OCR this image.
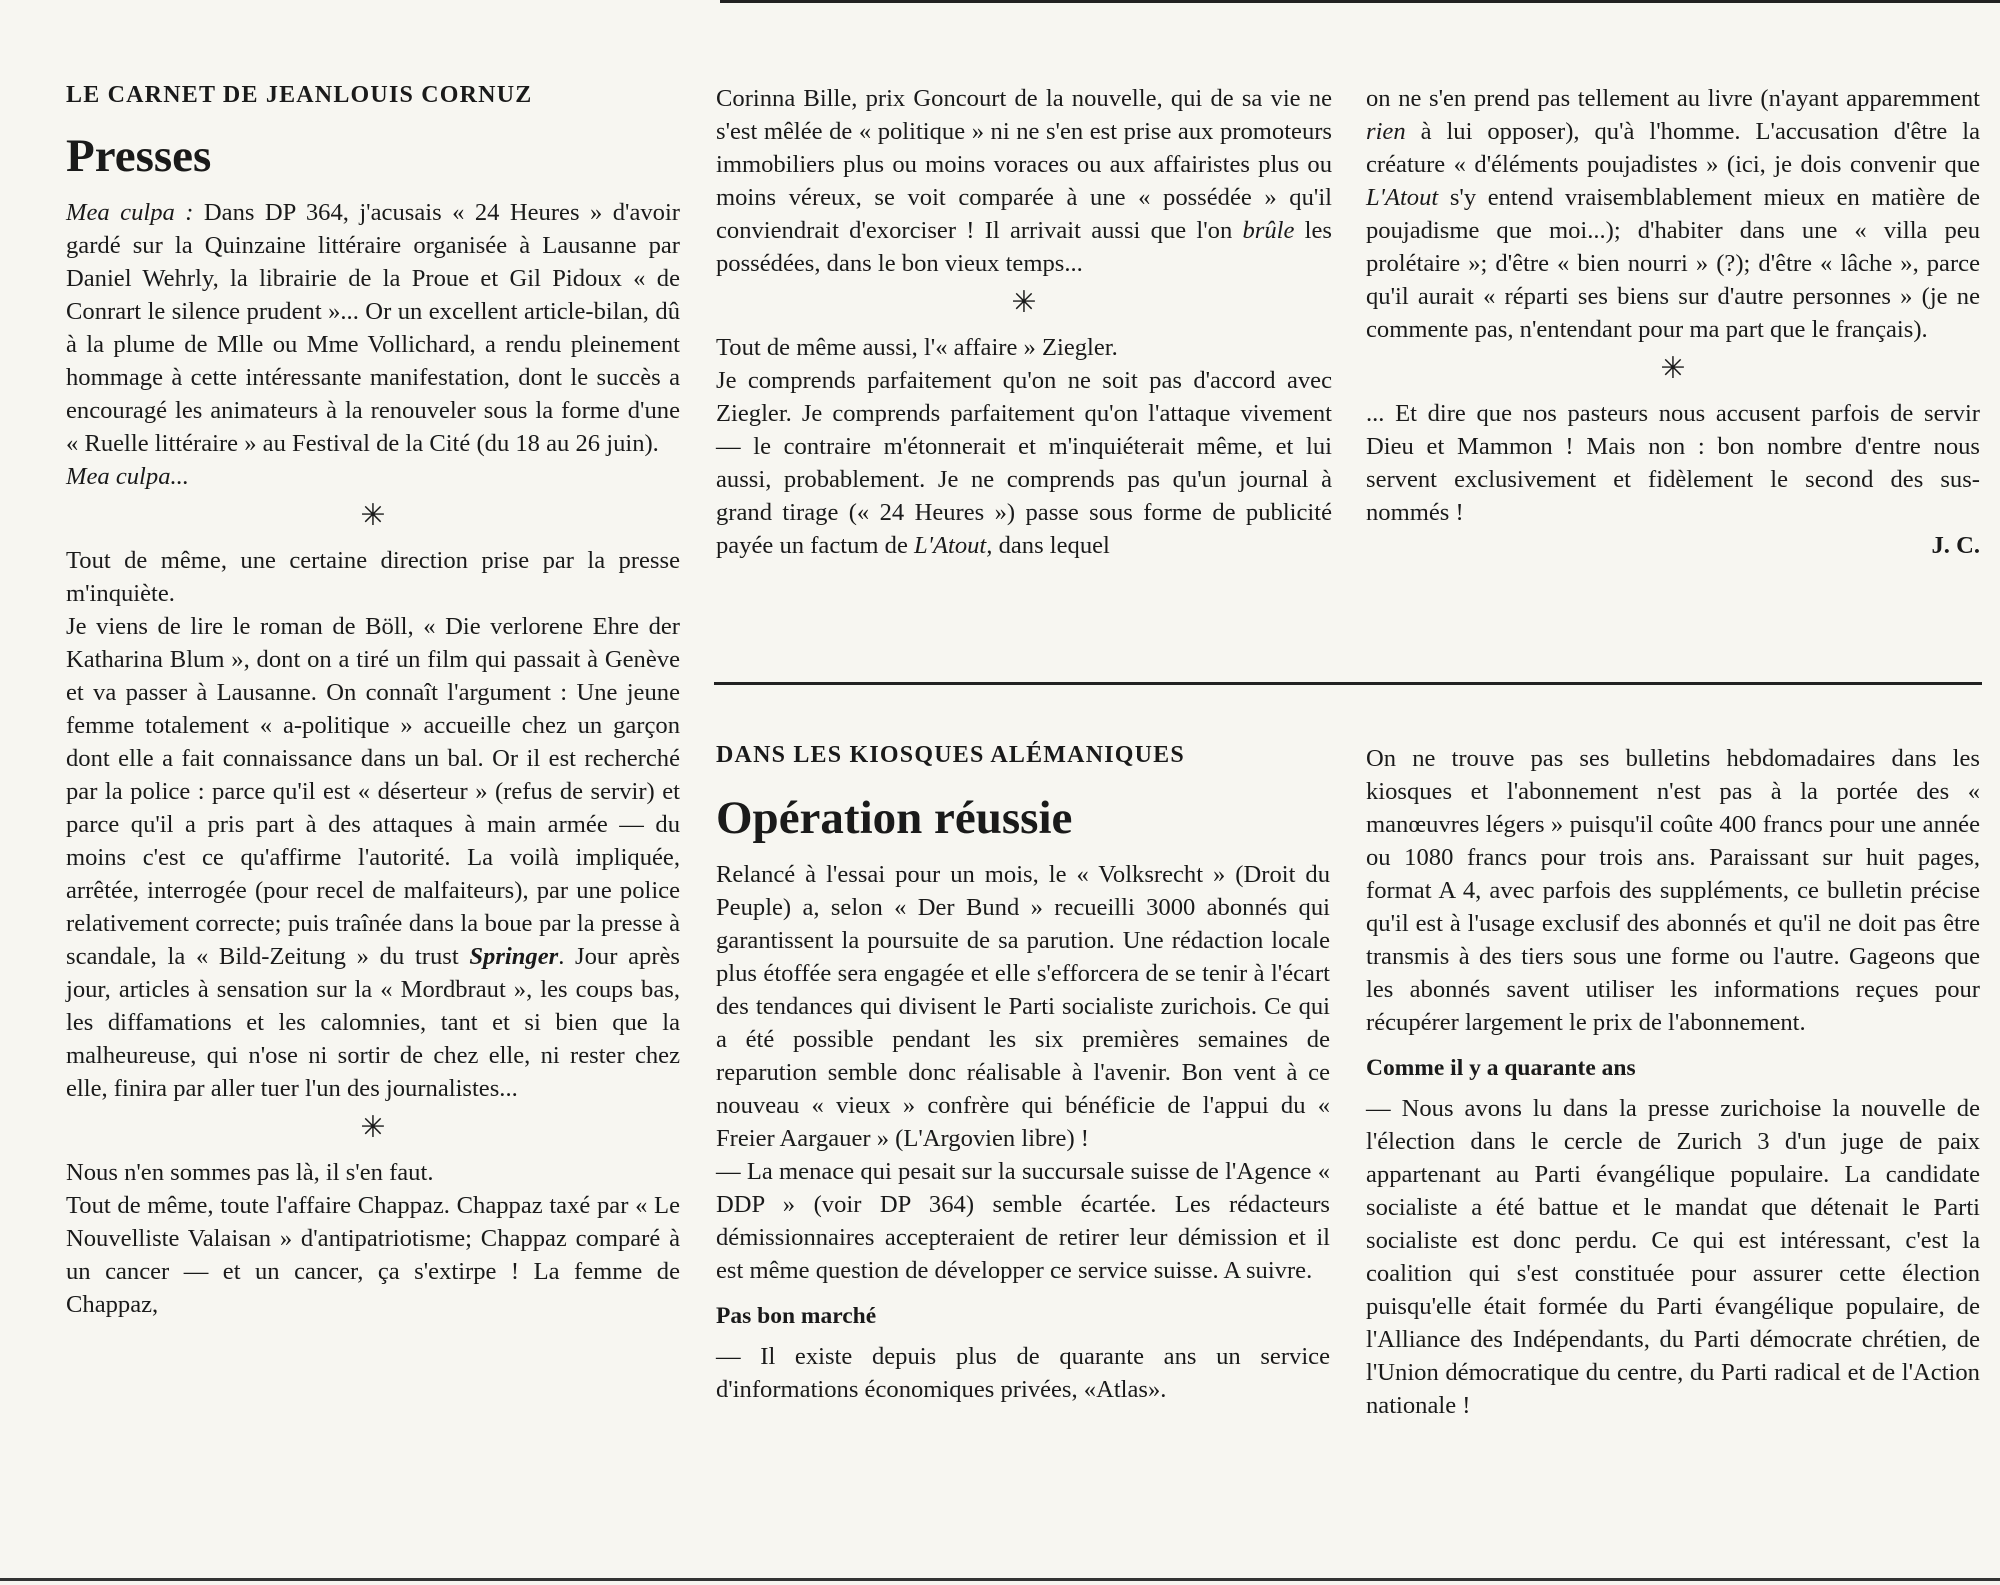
LE CARNET DE JEANLOUIS CORNUZ
Presses

Mea culpa : Dans DP 364, j'acusais « 24 Heures » d'avoir gardé sur la Quinzaine littéraire organisée à Lausanne par Daniel Wehrly, la librairie de la Proue et Gil Pidoux « de Conrart le silence prudent »... Or un excellent article-bilan, dû à la plume de Mlle ou Mme Vollichard, a rendu pleinement hommage à cette intéressante manifestation, dont le succès a encouragé les animateurs à la renouveler sous la forme d'une « Ruelle littéraire » au Festival de la Cité (du 18 au 26 juin).
Mea culpa...

✳

Tout de même, une certaine direction prise par la presse m'inquiète.

Je viens de lire le roman de Böll, « Die verlorene Ehre der Katharina Blum », dont on a tiré un film qui passait à Genève et va passer à Lausanne. On connaît l'argument : Une jeune femme totalement « a-politique » accueille chez un garçon dont elle a fait connaissance dans un bal. Or il est recherché par la police : parce qu'il est « déserteur » (refus de servir) et parce qu'il a pris part à des attaques à main armée — du moins c'est ce qu'affirme l'autorité. La voilà impliquée, arrêtée, interrogée (pour recel de malfaiteurs), par une police relativement correcte; puis traînée dans la boue par la presse à scandale, la « Bild-Zeitung » du trust Springer. Jour après jour, articles à sensation sur la « Mordbraut », les coups bas, les diffamations et les calomnies, tant et si bien que la malheureuse, qui n'ose ni sortir de chez elle, ni rester chez elle, finira par aller tuer l'un des journalistes...

✳

Nous n'en sommes pas là, il s'en faut.

Tout de même, toute l'affaire Chappaz. Chappaz taxé par « Le Nouvelliste Valaisan » d'antipatriotisme; Chappaz comparé à un cancer — et un cancer, ça s'extirpe ! La femme de Chappaz,

Corinna Bille, prix Goncourt de la nouvelle, qui de sa vie ne s'est mêlée de « politique » ni ne s'en est prise aux promoteurs immobiliers plus ou moins voraces ou aux affairistes plus ou moins véreux, se voit comparée à une « possédée » qu'il conviendrait d'exorciser ! Il arrivait aussi que l'on brûle les possédées, dans le bon vieux temps...

✳

Tout de même aussi, l'« affaire » Ziegler.

Je comprends parfaitement qu'on ne soit pas d'accord avec Ziegler. Je comprends parfaitement qu'on l'attaque vivement — le contraire m'étonnerait et m'inquiéterait même, et lui aussi, probablement. Je ne comprends pas qu'un journal à grand tirage (« 24 Heures ») passe sous forme de publicité payée un factum de L'Atout, dans lequel

on ne s'en prend pas tellement au livre (n'ayant apparemment rien à lui opposer), qu'à l'homme. L'accusation d'être la créature « d'éléments poujadistes » (ici, je dois convenir que L'Atout s'y entend vraisemblablement mieux en matière de poujadisme que moi...); d'habiter dans une « villa peu prolétaire »; d'être « bien nourri » (?); d'être « lâche », parce qu'il aurait « réparti ses biens sur d'autre personnes » (je ne commente pas, n'entendant pour ma part que le français).

✳

... Et dire que nos pasteurs nous accusent parfois de servir Dieu et Mammon ! Mais non : bon nombre d'entre nous servent exclusivement et fidèlement le second des sus-nommés !

J. C.

DANS LES KIOSQUES ALÉMANIQUES
Opération réussie

Relancé à l'essai pour un mois, le « Volksrecht » (Droit du Peuple) a, selon « Der Bund » recueilli 3000 abonnés qui garantissent la poursuite de sa parution. Une rédaction locale plus étoffée sera engagée et elle s'efforcera de se tenir à l'écart des tendances qui divisent le Parti socialiste zurichois. Ce qui a été possible pendant les six premières semaines de reparution semble donc réalisable à l'avenir. Bon vent à ce nouveau « vieux » confrère qui bénéficie de l'appui du « Freier Aargauer » (L'Argovien libre) !

— La menace qui pesait sur la succursale suisse de l'Agence « DDP » (voir DP 364) semble écartée. Les rédacteurs démissionnaires accepteraient de retirer leur démission et il est même question de développer ce service suisse. A suivre.

Pas bon marché

— Il existe depuis plus de quarante ans un service d'informations économiques privées, «Atlas».

On ne trouve pas ses bulletins hebdomadaires dans les kiosques et l'abonnement n'est pas à la portée des « manœuvres légers » puisqu'il coûte 400 francs pour une année ou 1080 francs pour trois ans. Paraissant sur huit pages, format A 4, avec parfois des suppléments, ce bulletin précise qu'il est à l'usage exclusif des abonnés et qu'il ne doit pas être transmis à des tiers sous une forme ou l'autre. Gageons que les abonnés savent utiliser les informations reçues pour récupérer largement le prix de l'abonnement.

Comme il y a quarante ans

— Nous avons lu dans la presse zurichoise la nouvelle de l'élection dans le cercle de Zurich 3 d'un juge de paix appartenant au Parti évangélique populaire. La candidate socialiste a été battue et le mandat que détenait le Parti socialiste est donc perdu. Ce qui est intéressant, c'est la coalition qui s'est constituée pour assurer cette élection puisqu'elle était formée du Parti évangélique populaire, de l'Alliance des Indépendants, du Parti démocrate chrétien, de l'Union démocratique du centre, du Parti radical et de l'Action nationale !
